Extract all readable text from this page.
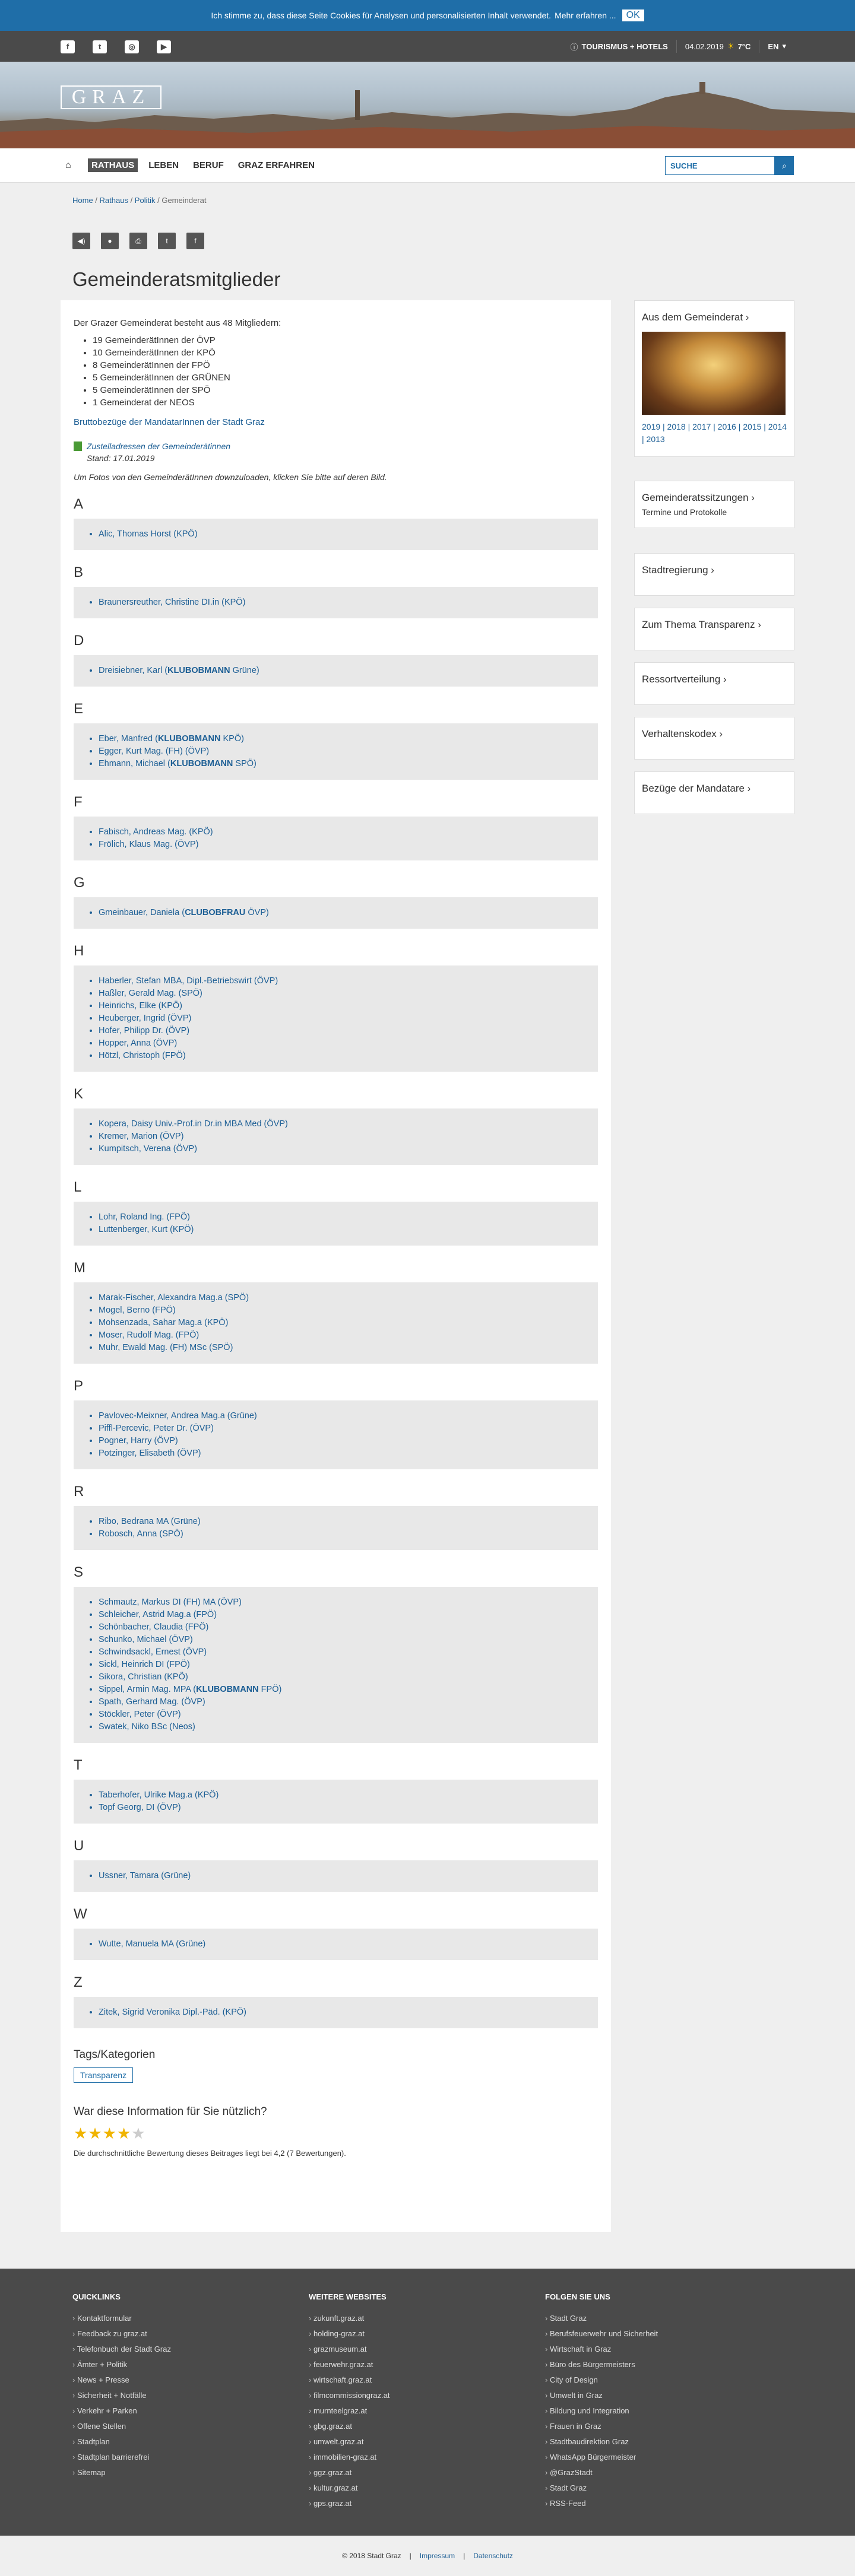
Ich stimme zu, dass diese Seite Cookies für Analysen und personalisierten Inhalt verwendet. Mehr erfahren ...	OK
f	t	◎	▶	ⓘ TOURISMUS + HOTELS 04.02.2019 ☀ 7°C EN ▾
GRAZ
⌂	RATHAUS	LEBEN	BERUF	GRAZ ERFAHREN	SUCHE	⌕
Home / Rathaus / Politik / Gemeinderat
◀)	●	⎙	t	f
Gemeinderatsmitglieder

Der Grazer Gemeinderat besteht aus 48 Mitgliedern:

• 19 GemeinderätInnen der ÖVP
• 10 GemeinderätInnen der KPÖ
• 8 GemeinderätInnen der FPÖ
• 5 GemeinderätInnen der GRÜNEN
• 5 GemeinderätInnen der SPÖ
• 1 Gemeinderat der NEOS
Bruttobezüge der MandatarInnen der Stadt Graz
Zustelladressen der Gemeinderätinnen
Stand: 17.01.2019

Um Fotos von den GemeinderätInnen downzuloaden, klicken Sie bitte auf deren Bild.

A
• Alic, Thomas Horst (KPÖ)
B
• Braunersreuther, Christine DI.in (KPÖ)
D
• Dreisiebner, Karl (KLUBOBMANN Grüne)
E
• Eber, Manfred (KLUBOBMANN KPÖ)
• Egger, Kurt Mag. (FH) (ÖVP)
• Ehmann, Michael (KLUBOBMANN SPÖ)
F
• Fabisch, Andreas Mag. (KPÖ)
• Frölich, Klaus Mag. (ÖVP)
G
• Gmeinbauer, Daniela (CLUBOBFRAU ÖVP)
H
• Haberler, Stefan MBA, Dipl.-Betriebswirt (ÖVP)
• Haßler, Gerald Mag. (SPÖ)
• Heinrichs, Elke (KPÖ)
• Heuberger, Ingrid (ÖVP)
• Hofer, Philipp Dr. (ÖVP)
• Hopper, Anna (ÖVP)
• Hötzl, Christoph (FPÖ)
K
• Kopera, Daisy Univ.-Prof.in Dr.in MBA Med (ÖVP)
• Kremer, Marion (ÖVP)
• Kumpitsch, Verena (ÖVP)
L
• Lohr, Roland Ing. (FPÖ)
• Luttenberger, Kurt (KPÖ)
M
• Marak-Fischer, Alexandra Mag.a (SPÖ)
• Mogel, Berno (FPÖ)
• Mohsenzada, Sahar Mag.a (KPÖ)
• Moser, Rudolf Mag. (FPÖ)
• Muhr, Ewald Mag. (FH) MSc (SPÖ)
P
• Pavlovec-Meixner, Andrea Mag.a (Grüne)
• Piffl-Percevic, Peter Dr. (ÖVP)
• Pogner, Harry (ÖVP)
• Potzinger, Elisabeth (ÖVP)
R
• Ribo, Bedrana MA (Grüne)
• Robosch, Anna (SPÖ)
S
• Schmautz, Markus DI (FH) MA (ÖVP)
• Schleicher, Astrid Mag.a (FPÖ)
• Schönbacher, Claudia (FPÖ)
• Schunko, Michael (ÖVP)
• Schwindsackl, Ernest (ÖVP)
• Sickl, Heinrich DI (FPÖ)
• Sikora, Christian (KPÖ)
• Sippel, Armin Mag. MPA (KLUBOBMANN FPÖ)
• Spath, Gerhard Mag. (ÖVP)
• Stöckler, Peter (ÖVP)
• Swatek, Niko BSc (Neos)
T
• Taberhofer, Ulrike Mag.a (KPÖ)
• Topf Georg, DI (ÖVP)
U
• Ussner, Tamara (Grüne)
W
• Wutte, Manuela MA (Grüne)
Z
• Zitek, Sigrid Veronika Dipl.-Päd. (KPÖ)
Tags/Kategorien
Transparenz
War diese Information für Sie nützlich?
★★★★★

Die durchschnittliche Bewertung dieses Beitrages liegt bei 4,2 (7 Bewertungen).

Aus dem Gemeinderat ›
2019 | 2018 | 2017 | 2016 | 2015 | 2014 | 2013
Gemeinderatssitzungen ›
Termine und Protokolle
Stadtregierung ›
Zum Thema Transparenz ›
Ressortverteilung ›
Verhaltenskodex ›
Bezüge der Mandatare ›
QUICKLINKS
› Kontaktformular
› Feedback zu graz.at
› Telefonbuch der Stadt Graz
› Ämter + Politik
› News + Presse
› Sicherheit + Notfälle
› Verkehr + Parken
› Offene Stellen
› Stadtplan
› Stadtplan barrierefrei
› Sitemap
WEITERE WEBSITES
› zukunft.graz.at
› holding-graz.at
› grazmuseum.at
› feuerwehr.graz.at
› wirtschaft.graz.at
› filmcommissiongraz.at
› murnteelgraz.at
› gbg.graz.at
› umwelt.graz.at
› immobilien-graz.at
› ggz.graz.at
› kultur.graz.at
› gps.graz.at
FOLGEN SIE UNS
› Stadt Graz
› Berufsfeuerwehr und Sicherheit
› Wirtschaft in Graz
› Büro des Bürgermeisters
› City of Design
› Umwelt in Graz
› Bildung und Integration
› Frauen in Graz
› Stadtbaudirektion Graz
› WhatsApp Bürgermeister
› @GrazStadt
› Stadt Graz
› RSS-Feed
© 2018 Stadt Graz | Impressum | Datenschutz
